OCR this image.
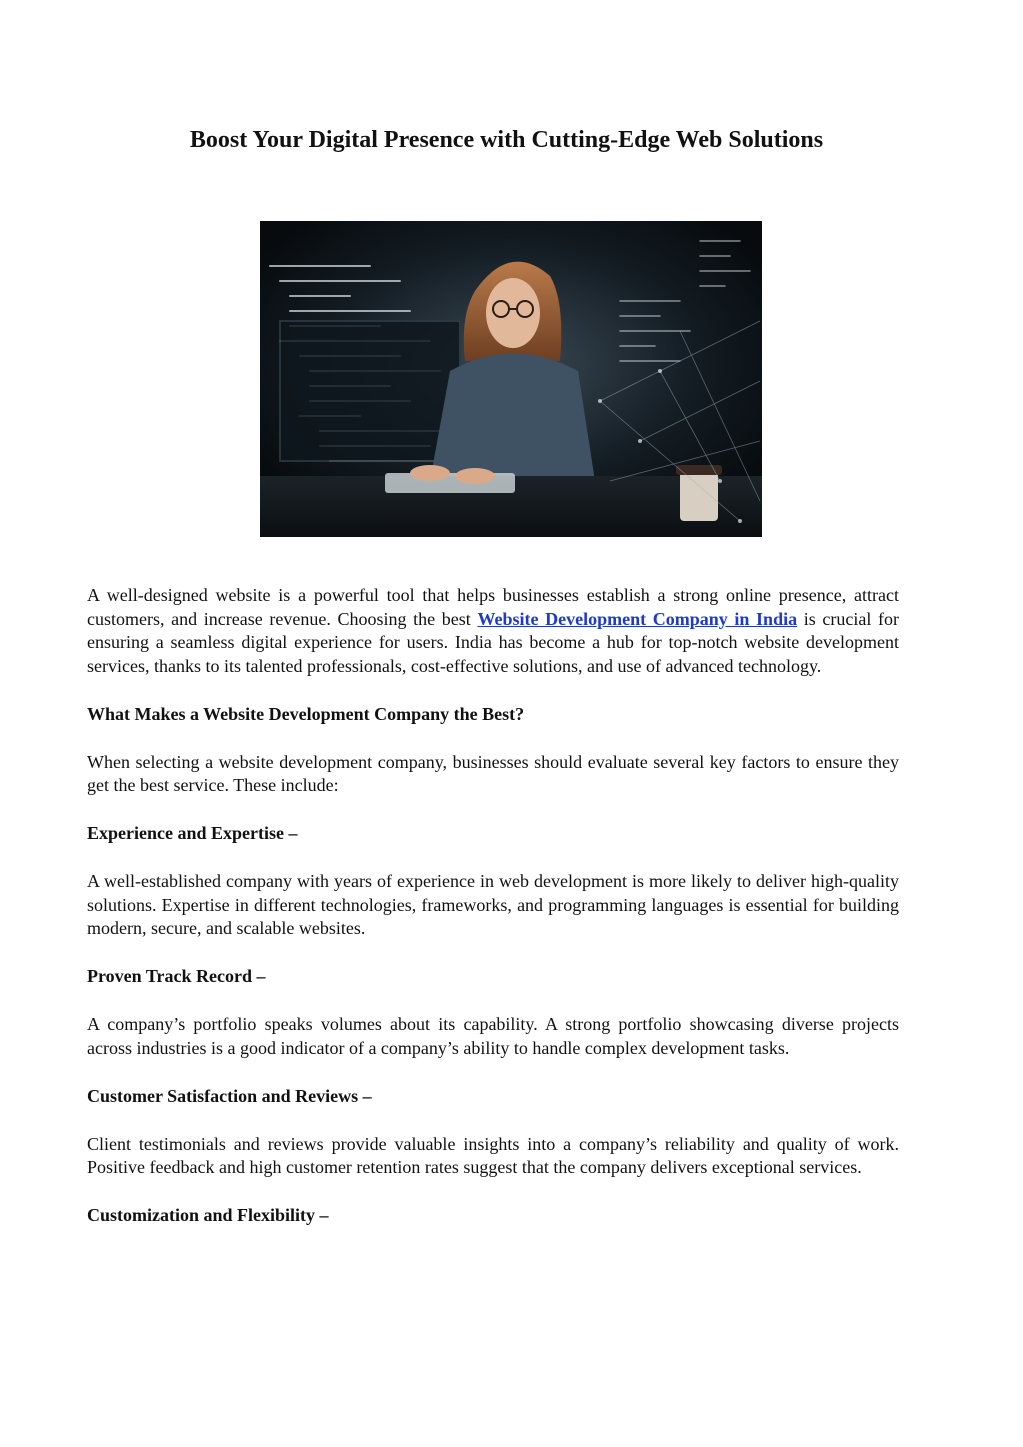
Boost Your Digital Presence with Cutting-Edge Web Solutions

A well-designed website is a powerful tool that helps businesses establish a strong online presence, attract customers, and increase revenue. Choosing the best Website Development Company in India is crucial for ensuring a seamless digital experience for users. India has become a hub for top-notch website development services, thanks to its talented professionals, cost-effective solutions, and use of advanced technology.

What Makes a Website Development Company the Best?

When selecting a website development company, businesses should evaluate several key factors to ensure they get the best service. These include:

Experience and Expertise –

A well-established company with years of experience in web development is more likely to deliver high-quality solutions. Expertise in different technologies, frameworks, and programming languages is essential for building modern, secure, and scalable websites.

Proven Track Record –

A company’s portfolio speaks volumes about its capability. A strong portfolio showcasing diverse projects across industries is a good indicator of a company’s ability to handle complex development tasks.

Customer Satisfaction and Reviews –

Client testimonials and reviews provide valuable insights into a company’s reliability and quality of work. Positive feedback and high customer retention rates suggest that the company delivers exceptional services.

Customization and Flexibility –
